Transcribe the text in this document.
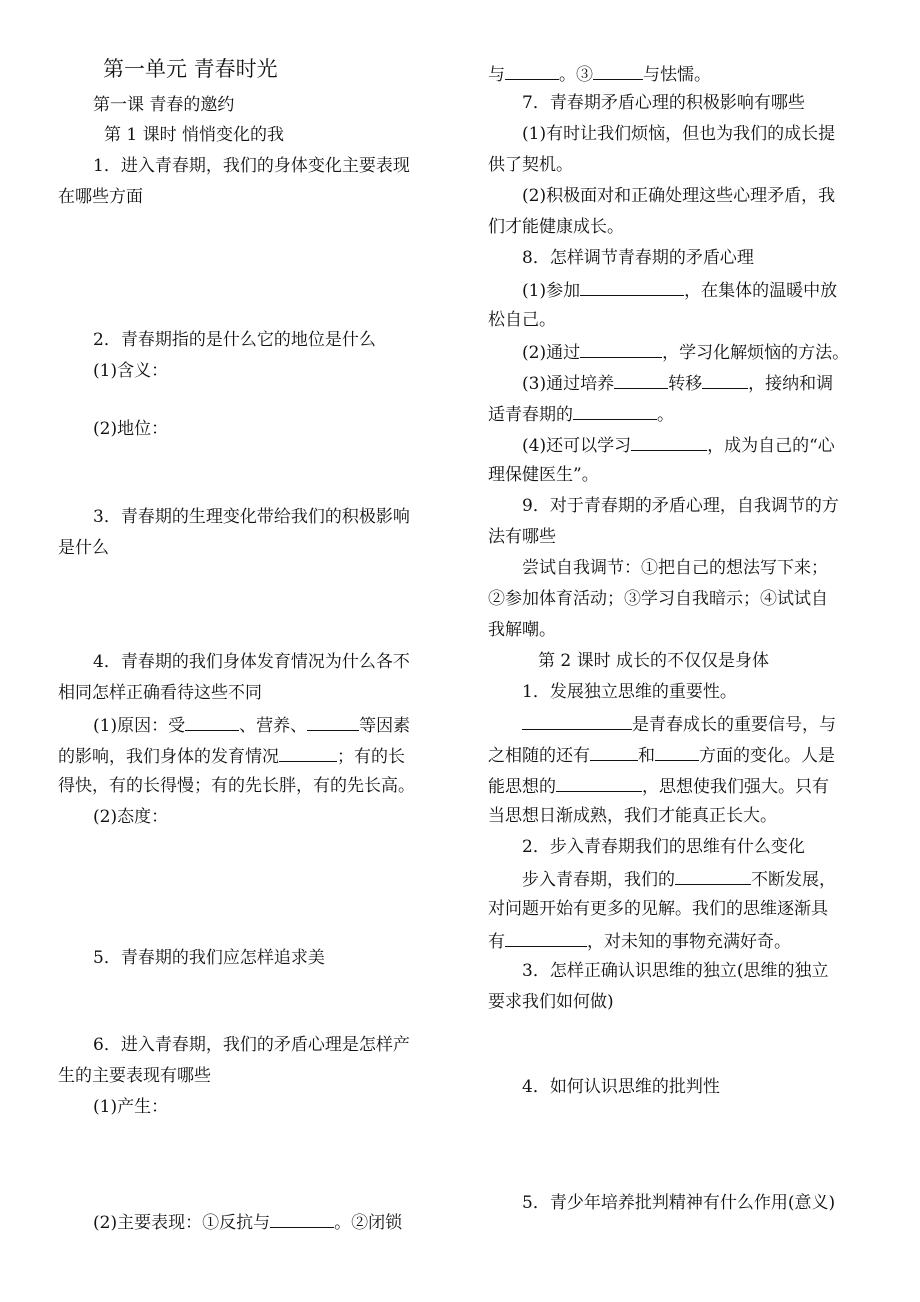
第一单元 青春时光
第一课 青春的邀约
第 1 课时 悄悄变化的我
1．进入青春期，我们的身体变化主要表现
在哪些方面
2．青春期指的是什么它的地位是什么
(1)含义：
(2)地位：
3．青春期的生理变化带给我们的积极影响
是什么
4．青春期的我们身体发育情况为什么各不
相同怎样正确看待这些不同
(1)原因：受	、营养、	等因素
的影响，我们身体的发育情况	；有的长
得快，有的长得慢；有的先长胖，有的先长高。
(2)态度：
5．青春期的我们应怎样追求美
6．进入青春期，我们的矛盾心理是怎样产
生的主要表现有哪些
(1)产生：
(2)主要表现：①反抗与	。②闭锁
与	。③	与怯懦。
7．青春期矛盾心理的积极影响有哪些
(1)有时让我们烦恼，但也为我们的成长提
供了契机。
(2)积极面对和正确处理这些心理矛盾，我
们才能健康成长。
8．怎样调节青春期的矛盾心理
(1)参加	，在集体的温暖中放
松自己。
(2)通过	，学习化解烦恼的方法。
(3)通过培养	转移	，接纳和调
适青春期的	。
(4)还可以学习	，成为自己的“心
理保健医生”。
9．对于青春期的矛盾心理，自我调节的方
法有哪些
尝试自我调节：①把自己的想法写下来；
②参加体育活动；③学习自我暗示；④试试自
我解嘲。
第 2 课时 成长的不仅仅是身体
1．发展独立思维的重要性。
是青春成长的重要信号，与
之相随的还有	和	方面的变化。人是
能思想的	，思想使我们强大。只有
当思想日渐成熟，我们才能真正长大。
2．步入青春期我们的思维有什么变化
步入青春期，我们的	不断发展，
对问题开始有更多的见解。我们的思维逐渐具
有	，对未知的事物充满好奇。
3．怎样正确认识思维的独立(思维的独立
要求我们如何做)
4．如何认识思维的批判性
5．青少年培养批判精神有什么作用(意义)
